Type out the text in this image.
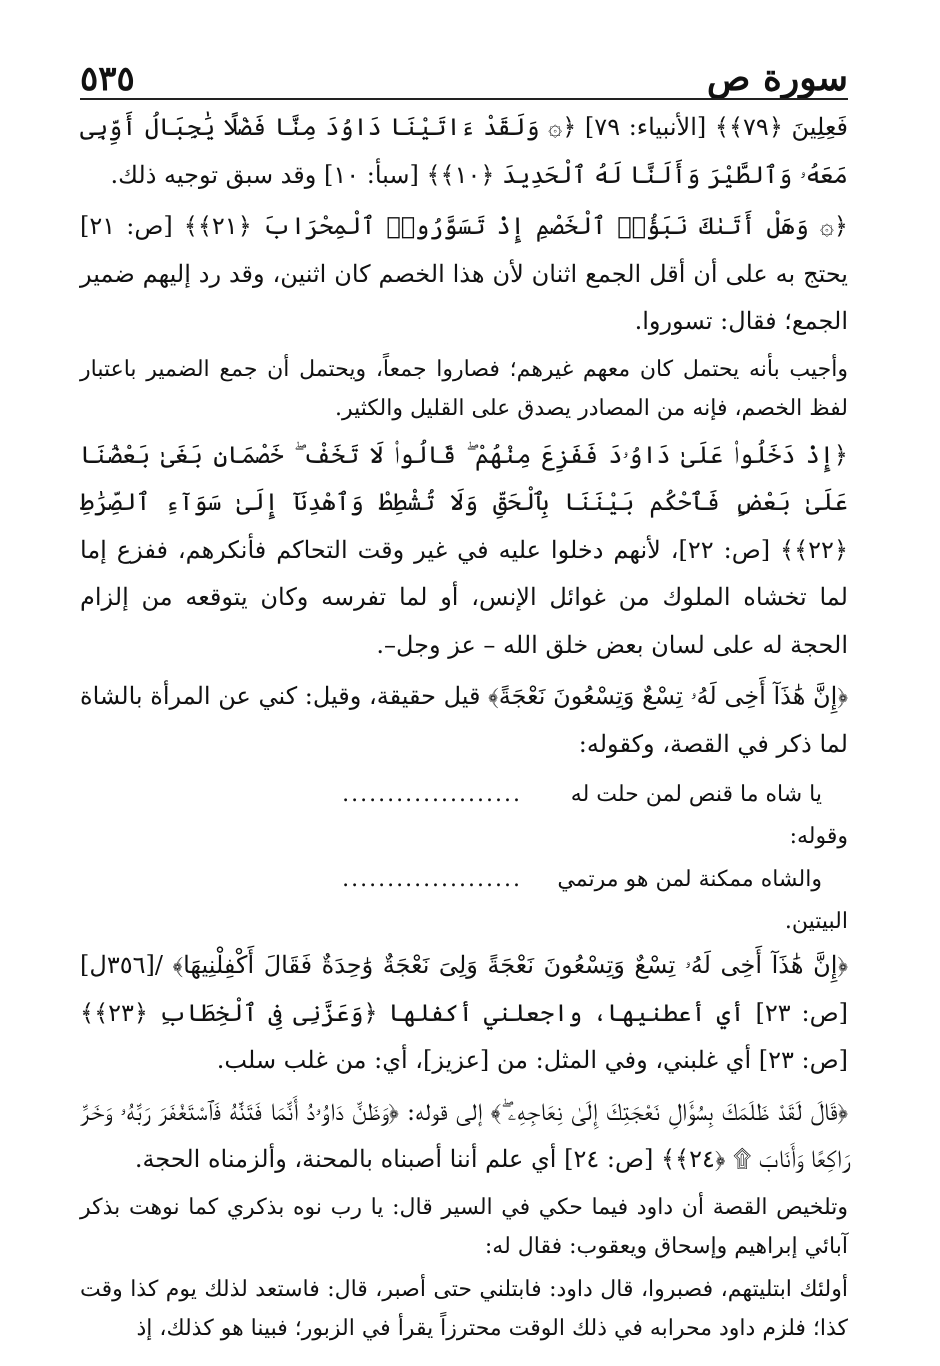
سورة ص
٥٣٥

فَعِلِينَ ﴿٧٩﴾﴾ [الأنبياء: ٧٩] ﴿۞ وَلَقَدْ ءَاتَيْنَا دَاوُدَ مِنَّا فَضْلًا يَٰجِبَالُ أَوِّبِى مَعَهُۥ وَٱلطَّيْرَ وَأَلَنَّا لَهُ ٱلْحَدِيدَ ﴿١٠﴾﴾ [سبأ: ١٠] وقد سبق توجيه ذلك.

﴿۞ وَهَلْ أَتَىٰكَ نَبَؤُا۟ ٱلْخَصْمِ إِذْ تَسَوَّرُوا۟ ٱلْمِحْرَابَ ﴿٢١﴾﴾ [ص: ٢١] يحتج به على أن أقل الجمع اثنان لأن هذا الخصم كان اثنين، وقد رد إليهم ضمير الجمع؛ فقال: تسوروا.

وأجيب بأنه يحتمل كان معهم غيرهم؛ فصاروا جمعاً، ويحتمل أن جمع الضمير باعتبار لفظ الخصم، فإنه من المصادر يصدق على القليل والكثير.

﴿إِذْ دَخَلُوا۟ عَلَىٰ دَاوُۥدَ فَفَزِعَ مِنْهُمْ ۖ قَالُوا۟ لَا تَخَفْ ۖ خَصْمَانِ بَغَىٰ بَعْضُنَا عَلَىٰ بَعْضٍ فَٱحْكُم بَيْنَنَا بِٱلْحَقِّ وَلَا تُشْطِطْ وَٱهْدِنَآ إِلَىٰ سَوَآءِ ٱلصِّرَٰطِ ﴿٢٢﴾﴾ [ص: ٢٢]، لأنهم دخلوا عليه في غير وقت التحاكم فأنكرهم، ففزع إما لما تخشاه الملوك من غوائل الإنس، أو لما تفرسه وكان يتوقعه من إلزام الحجة له على لسان بعض خلق الله – عز وجل–.

﴿إِنَّ هَٰذَآ أَخِى لَهُۥ تِسْعٌ وَتِسْعُونَ نَعْجَةً﴾ قيل حقيقة، وقيل: كني عن المرأة بالشاة لما ذكر في القصة، وكقوله:

يا شاه ما قنص لمن حلت له
....................
وقوله:
والشاه ممكنة لمن هو مرتمي
....................
البيتين.

﴿إِنَّ هَٰذَآ أَخِى لَهُۥ تِسْعٌ وَتِسْعُونَ نَعْجَةً وَلِىَ نَعْجَةٌ وَٰحِدَةٌ فَقَالَ أَكْفِلْنِيهَا﴾ /[٣٥٦ل] [ص: ٢٣] أي أعطنيها، واجعلني أكفلها ﴿وَعَزَّنِى فِى ٱلْخِطَابِ ﴿٢٣﴾﴾ [ص: ٢٣] أي غلبني، وفي المثل: من [عزيز]، أي: من غلب سلب.

﴿قَالَ لَقَدْ ظَلَمَكَ بِسُؤَالِ نَعْجَتِكَ إِلَىٰ نِعَاجِهِۦ ۖ﴾ إلى قوله: ﴿وَظَنَّ دَاوُۥدُ أَنَّمَا فَتَنَّٰهُ فَٱسْتَغْفَرَ رَبَّهُۥ وَخَرَّ رَاكِعًا وَأَنَابَ ۩ ﴿٢٤﴾﴾ [ص: ٢٤] أي علم أننا أصبناه بالمحنة، وألزمناه الحجة.

وتلخيص القصة أن داود فيما حكي في السير قال: يا رب نوه بذكري كما نوهت بذكر آبائي إبراهيم وإسحاق ويعقوب: فقال له:

أولئك ابتليتهم، فصبروا، قال داود: فابتلني حتى أصبر، قال: فاستعد لذلك يوم كذا وقت كذا؛ فلزم داود محرابه في ذلك الوقت محترزاً يقرأ في الزبور؛ فبينا هو كذلك، إذ
